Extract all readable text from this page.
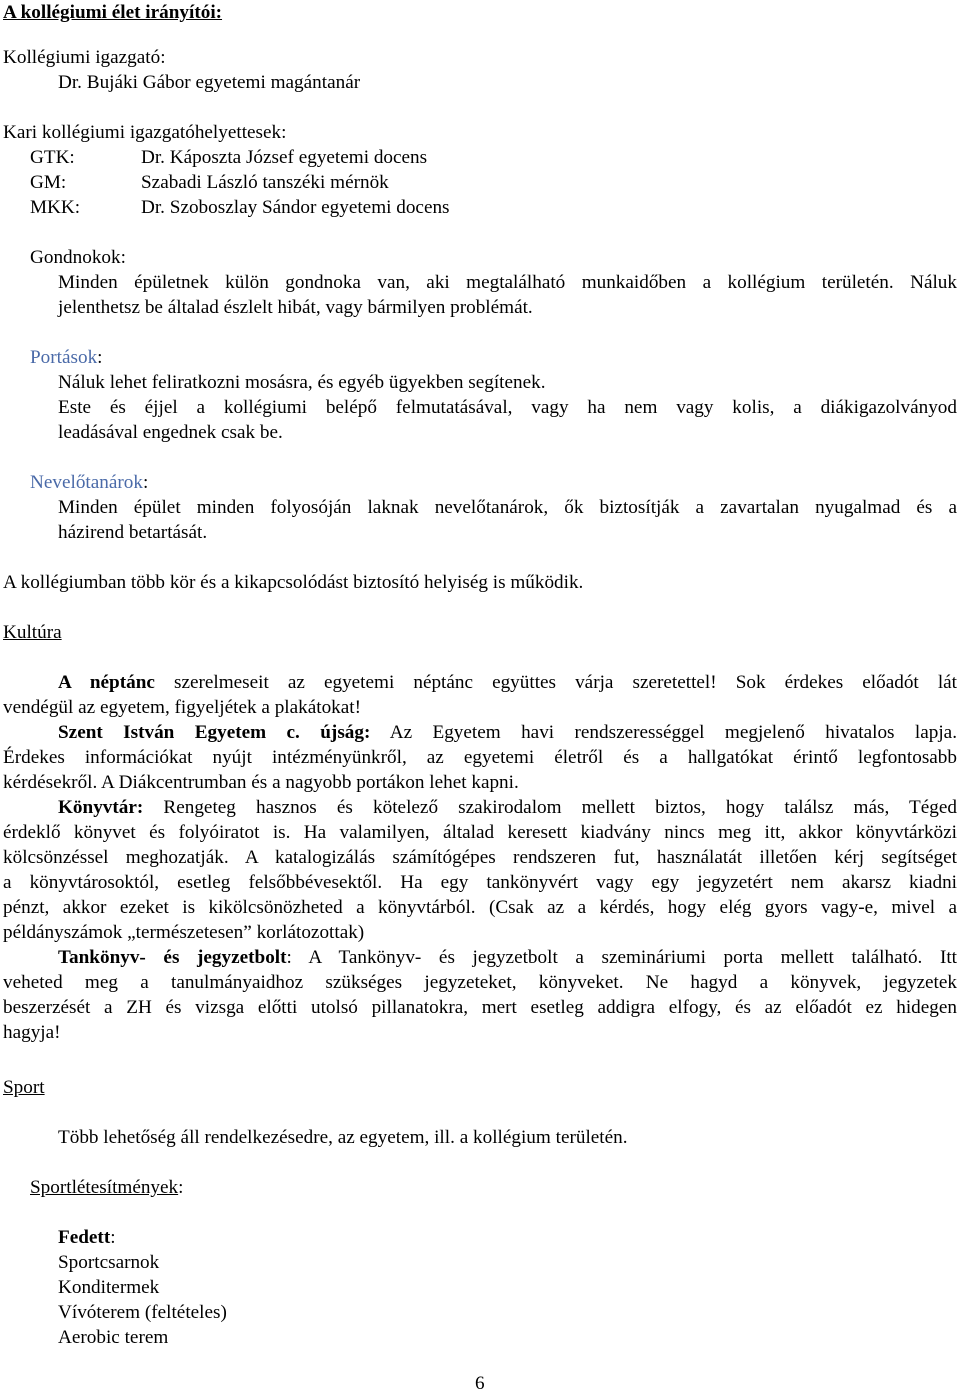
A kollégiumi élet irányítói:

Kollégiumi igazgató:

Dr. Bujáki Gábor egyetemi magántanár

Kari kollégiumi igazgatóhelyettesek:

GTK:	Dr. Káposzta József egyetemi docens

GM:	Szabadi László tanszéki mérnök

MKK:	Dr. Szoboszlay Sándor egyetemi docens

Gondnokok:

Minden épületnek külön gondnoka van, aki megtalálható munkaidőben a kollégium területén. Náluk

jelenthetsz be általad észlelt hibát, vagy bármilyen problémát.

Portások:

Náluk lehet feliratkozni mosásra, és egyéb ügyekben segítenek.

Este és éjjel a kollégiumi belépő felmutatásával, vagy ha nem vagy kolis, a diákigazolványod

leadásával engednek csak be.

Nevelőtanárok:

Minden épület minden folyosóján laknak nevelőtanárok, ők biztosítják a zavartalan nyugalmad és a

házirend betartását.

A kollégiumban több kör és a kikapcsolódást biztosító helyiség is működik.

Kultúra

A néptánc szerelmeseit az egyetemi néptánc együttes várja szeretettel! Sok érdekes előadót lát

vendégül az egyetem, figyeljétek a plakátokat!

Szent István Egyetem c. újság: Az Egyetem havi rendszerességgel megjelenő hivatalos lapja.

Érdekes információkat nyújt intézményünkről, az egyetemi életről és a hallgatókat érintő legfontosabb

kérdésekről. A Diákcentrumban és a nagyobb portákon lehet kapni.

Könyvtár: Rengeteg hasznos és kötelező szakirodalom mellett biztos, hogy találsz más, Téged

érdeklő könyvet és folyóiratot is. Ha valamilyen, általad keresett kiadvány nincs meg itt, akkor könyvtárközi

kölcsönzéssel meghozatják. A katalogizálás számítógépes rendszeren fut, használatát illetően kérj segítséget

a könyvtárosoktól, esetleg felsőbbévesektől. Ha egy tankönyvért vagy egy jegyzetért nem akarsz kiadni

pénzt, akkor ezeket is kikölcsönözheted a könyvtárból. (Csak az a kérdés, hogy elég gyors vagy-e, mivel a

példányszámok „természetesen” korlátozottak)

Tankönyv- és jegyzetbolt: A Tankönyv- és jegyzetbolt a szemináriumi porta mellett található. Itt

veheted meg a tanulmányaidhoz szükséges jegyzeteket, könyveket. Ne hagyd a könyvek, jegyzetek

beszerzését a ZH és vizsga előtti utolsó pillanatokra, mert esetleg addigra elfogy, és az előadót ez hidegen

hagyja!

Sport

Több lehetőség áll rendelkezésedre, az egyetem, ill. a kollégium területén.

Sportlétesítmények:

Fedett:

Sportcsarnok

Konditermek

Vívóterem (feltételes)

Aerobic terem

6
